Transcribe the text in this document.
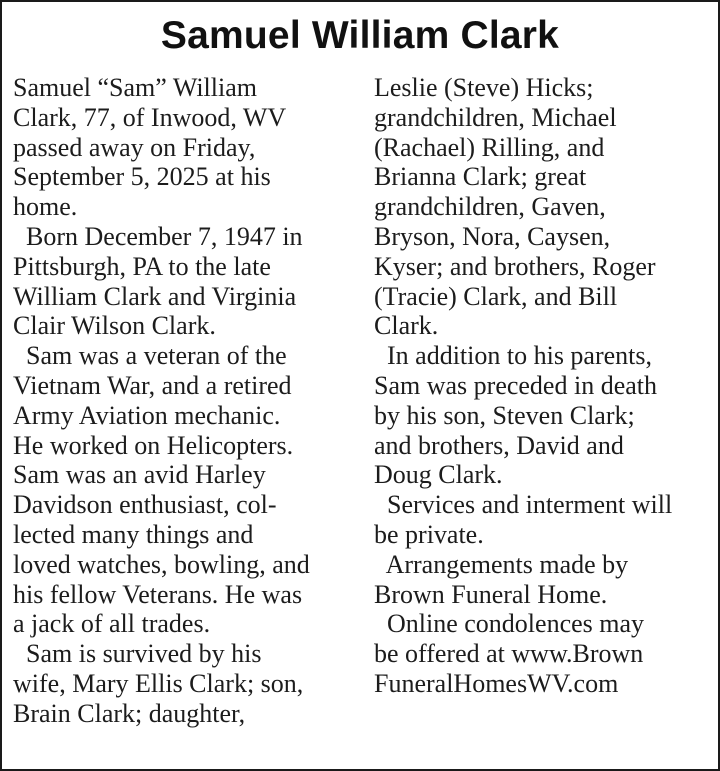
Samuel William Clark
Samuel “Sam” William
Clark, 77, of Inwood, WV
passed away on Friday,
September 5, 2025 at his
home.
Born December 7, 1947 in
Pittsburgh, PA to the late
William Clark and Virginia
Clair Wilson Clark.
Sam was a veteran of the
Vietnam War, and a retired
Army Aviation mechanic.
He worked on Helicopters.
Sam was an avid Harley
Davidson enthusiast, col-
lected many things and
loved watches, bowling, and
his fellow Veterans. He was
a jack of all trades.
Sam is survived by his
wife, Mary Ellis Clark; son,
Brain Clark; daughter,
Leslie (Steve) Hicks;
grandchildren, Michael
(Rachael) Rilling, and
Brianna Clark; great
grandchildren, Gaven,
Bryson, Nora, Caysen,
Kyser; and brothers, Roger
(Tracie) Clark, and Bill
Clark.
In addition to his parents,
Sam was preceded in death
by his son, Steven Clark;
and brothers, David and
Doug Clark.
Services and interment will
be private.
Arrangements made by
Brown Funeral Home.
Online condolences may
be offered at www.Brown
FuneralHomesWV.com
